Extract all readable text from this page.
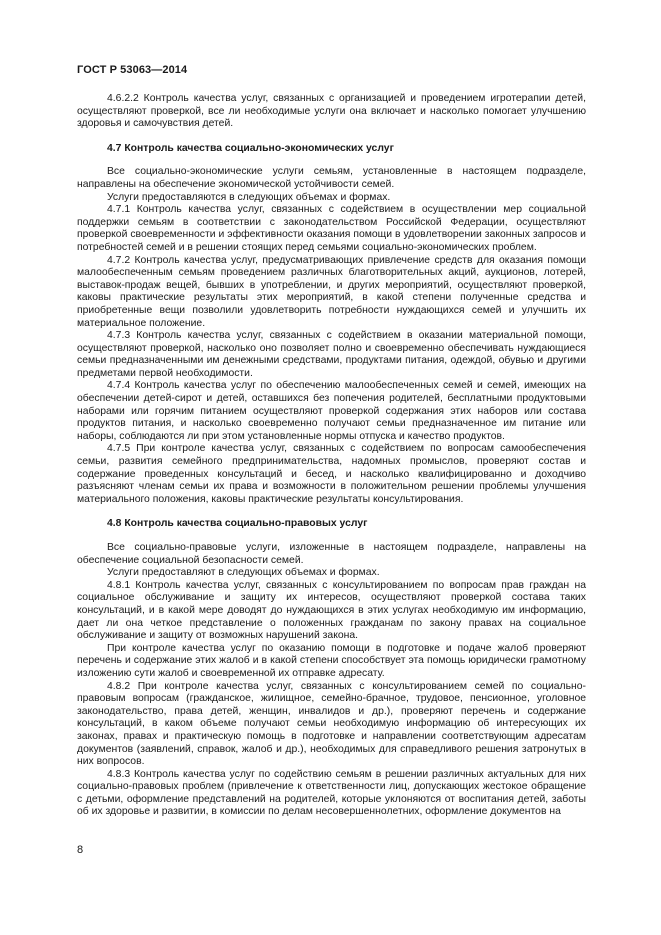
ГОСТ Р 53063—2014

4.6.2.2 Контроль качества услуг, связанных с организацией и проведением игротерапии детей, осуществляют проверкой, все ли необходимые услуги она включает и насколько помогает улучшению здоровья и самочувствия детей.

4.7 Контроль качества социально-экономических услуг

Все социально-экономические услуги семьям, установленные в настоящем подразделе, направлены на обеспечение экономической устойчивости семей.

Услуги предоставляются в следующих объемах и формах.

4.7.1 Контроль качества услуг, связанных с содействием в осуществлении мер социальной поддержки семьям в соответствии с законодательством Российской Федерации, осуществляют проверкой своевременности и эффективности оказания помощи в удовлетворении законных запросов и потребностей семей и в решении стоящих перед семьями социально-экономических проблем.

4.7.2 Контроль качества услуг, предусматривающих привлечение средств для оказания помощи малообеспеченным семьям проведением различных благотворительных акций, аукционов, лотерей, выставок-продаж вещей, бывших в употреблении, и других мероприятий, осуществляют проверкой, каковы практические результаты этих мероприятий, в какой степени полученные средства и приобретенные вещи позволили удовлетворить потребности нуждающихся семей и улучшить их материальное положение.

4.7.3 Контроль качества услуг, связанных с содействием в оказании материальной помощи, осуществляют проверкой, насколько оно позволяет полно и своевременно обеспечивать нуждающиеся семьи предназначенными им денежными средствами, продуктами питания, одеждой, обувью и другими предметами первой необходимости.

4.7.4 Контроль качества услуг по обеспечению малообеспеченных семей и семей, имеющих на обеспечении детей-сирот и детей, оставшихся без попечения родителей, бесплатными продуктовыми наборами или горячим питанием осуществляют проверкой содержания этих наборов или состава продуктов питания, и насколько своевременно получают семьи предназначенное им питание или наборы, соблюдаются ли при этом установленные нормы отпуска и качество продуктов.

4.7.5 При контроле качества услуг, связанных с содействием по вопросам самообеспечения семьи, развития семейного предпринимательства, надомных промыслов, проверяют состав и содержание проведенных консультаций и бесед, и насколько квалифицированно и доходчиво разъясняют членам семьи их права и возможности в положительном решении проблемы улучшения материального положения, каковы практические результаты консультирования.

4.8 Контроль качества социально-правовых услуг

Все социально-правовые услуги, изложенные в настоящем подразделе, направлены на обеспечение социальной безопасности семей.

Услуги предоставляют в следующих объемах и формах.

4.8.1 Контроль качества услуг, связанных с консультированием по вопросам прав граждан на социальное обслуживание и защиту их интересов, осуществляют проверкой состава таких консультаций, и в какой мере доводят до нуждающихся в этих услугах необходимую им информацию, дает ли она четкое представление о положенных гражданам по закону правах на социальное обслуживание и защиту от возможных нарушений закона.

При контроле качества услуг по оказанию помощи в подготовке и подаче жалоб проверяют перечень и содержание этих жалоб и в какой степени способствует эта помощь юридически грамотному изложению сути жалоб и своевременной их отправке адресату.

4.8.2 При контроле качества услуг, связанных с консультированием семей по социально-правовым вопросам (гражданское, жилищное, семейно-брачное, трудовое, пенсионное, уголовное законодательство, права детей, женщин, инвалидов и др.), проверяют перечень и содержание консультаций, в каком объеме получают семьи необходимую информацию об интересующих их законах, правах и практическую помощь в подготовке и направлении соответствующим адресатам документов (заявлений, справок, жалоб и др.), необходимых для справедливого решения затронутых в них вопросов.

4.8.3 Контроль качества услуг по содействию семьям в решении различных актуальных для них социально-правовых проблем (привлечение к ответственности лиц, допускающих жестокое обращение с детьми, оформление представлений на родителей, которые уклоняются от воспитания детей, заботы об их здоровье и развитии, в комиссии по делам несовершеннолетних, оформление документов на

8
